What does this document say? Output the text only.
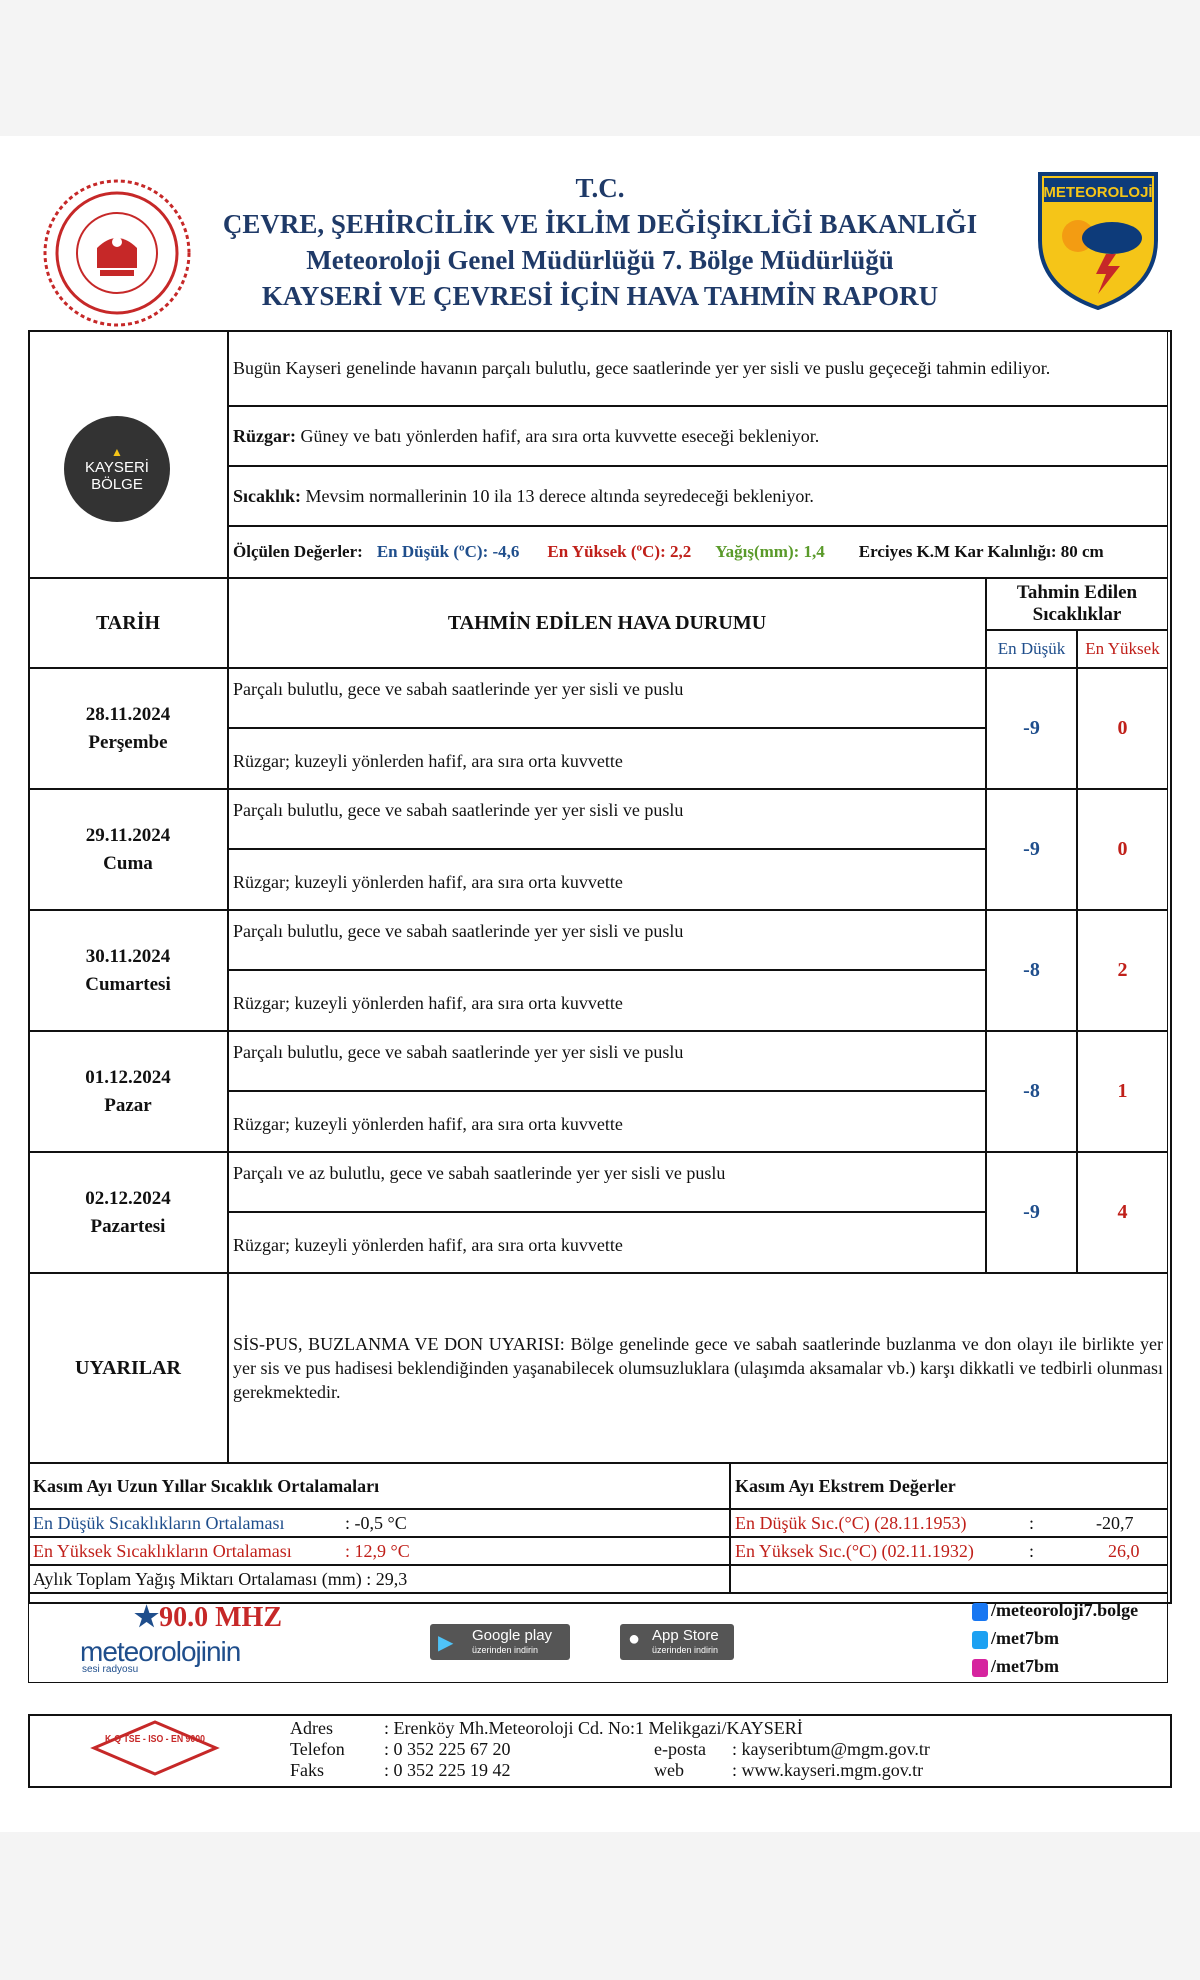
T.C.
ÇEVRE, ŞEHİRCİLİK VE İKLİM DEĞİŞİKLİĞİ BAKANLIĞI
Meteoroloji Genel Müdürlüğü 7. Bölge Müdürlüğü
KAYSERİ VE ÇEVRESİ İÇİN HAVA TAHMİN RAPORU
METEOROLOJİ
▲
KAYSERİ
BÖLGE
Bugün Kayseri genelinde havanın parçalı bulutlu, gece saatlerinde yer yer sisli ve puslu geçeceği tahmin ediliyor.
Rüzgar:
Güney ve batı yönlerden hafif, ara sıra orta kuvvette eseceği bekleniyor.
Sıcaklık:
Mevsim normallerinin 10 ila 13 derece altında seyredeceği bekleniyor.
Ölçülen Değerler: En Düşük (ºC): -4,6 En Yüksek (ºC): 2,2 Yağış(mm): 1,4 Erciyes K.M Kar Kalınlığı: 80 cm
TARİH	TAHMİN EDİLEN HAVA DURUMU
Tahmin Edilen Sıcaklıklar
En Düşük En Yüksek
28.11.2024
Perşembe
Parçalı bulutlu, gece ve sabah saatlerinde yer yer sisli ve puslu
Rüzgar; kuzeyli yönlerden hafif, ara sıra orta kuvvette
-9	0
29.11.2024
Cuma
Parçalı bulutlu, gece ve sabah saatlerinde yer yer sisli ve puslu
Rüzgar; kuzeyli yönlerden hafif, ara sıra orta kuvvette
-9	0
30.11.2024
Cumartesi
Parçalı bulutlu, gece ve sabah saatlerinde yer yer sisli ve puslu
Rüzgar; kuzeyli yönlerden hafif, ara sıra orta kuvvette
-8	2
01.12.2024
Pazar
Parçalı bulutlu, gece ve sabah saatlerinde yer yer sisli ve puslu
Rüzgar; kuzeyli yönlerden hafif, ara sıra orta kuvvette
-8	1
02.12.2024
Pazartesi
Parçalı ve az bulutlu, gece ve sabah saatlerinde yer yer sisli ve puslu
Rüzgar; kuzeyli yönlerden hafif, ara sıra orta kuvvette
-9	4
UYARILAR
SİS-PUS, BUZLANMA VE DON UYARISI: Bölge genelinde gece ve sabah saatlerinde buzlanma ve don olayı ile birlikte yer yer sis ve pus hadisesi beklendiğinden yaşanabilecek olumsuzluklara (ulaşımda aksamalar vb.) karşı dikkatli ve tedbirli olunması gerekmektedir.
Kasım Ayı Uzun Yıllar Sıcaklık Ortalamaları	Kasım Ayı Ekstrem Değerler
En Düşük Sıcaklıkların Ortalaması	: -0,5 °C	En Düşük Sıc.(°C) (28.11.1953)	:	-20,7
En Yüksek Sıcaklıkların Ortalaması	: 12,9 °C	En Yüksek Sıc.(°C) (02.11.1932)	:	26,0
Aylık Toplam Yağış Miktarı Ortalaması (mm) : 29,3
★90.0 MHZ
meteorolojinin
sesi radyosu
▶ Google play
üzerinden indirin	● App Store
üzerinden indirin
/meteoroloji7.bolge
/met7bm
/met7bm
K-Q TSE - ISO - EN 9000
Adres	: Erenköy Mh.Meteoroloji Cd. No:1 Melikgazi/KAYSERİ
Telefon : 0 352 225 67 20	e-posta : kayseribtum@mgm.gov.tr
Faks	: 0 352 225 19 42	web	: www.kayseri.mgm.gov.tr
